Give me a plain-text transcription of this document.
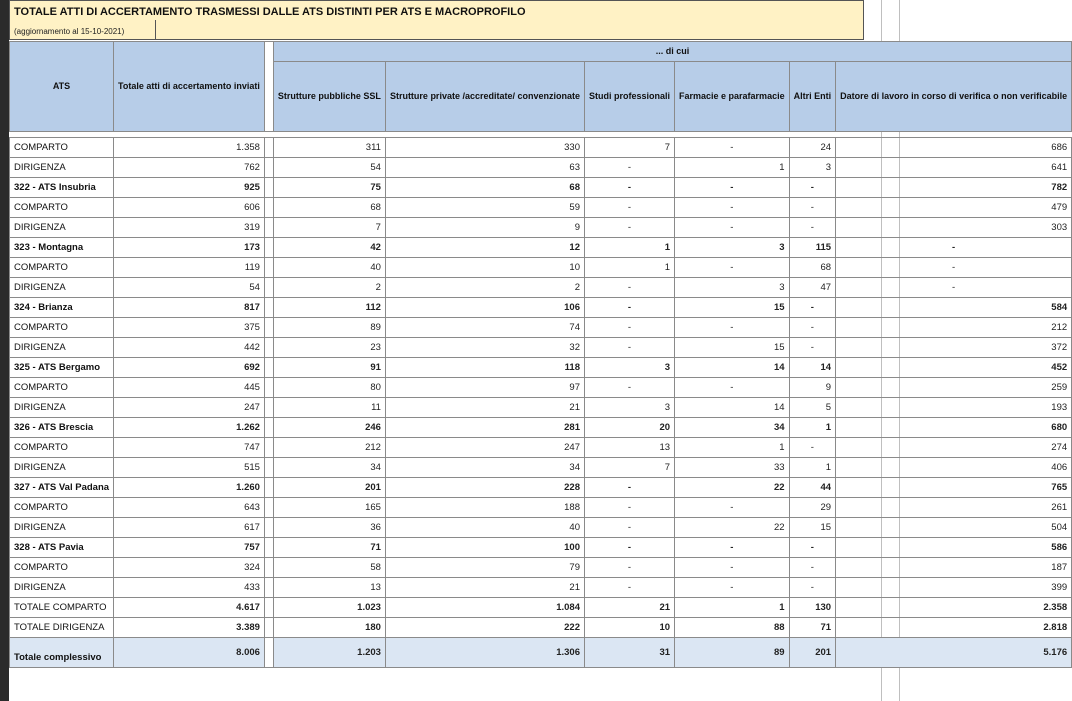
TOTALE ATTI DI ACCERTAMENTO TRASMESSI DALLE ATS DISTINTI PER ATS E MACROPROFILO
(aggiornamento al 15-10-2021)
ATS	Totale atti di accertamento inviati		... di cui					
			Strutture pubbliche SSL	Strutture private /accreditate/ convenzionate	Studi professionali	Farmacie e parafarmacie	Altri Enti	Datore di lavoro in corso di verifica o non verificabile

COMPARTO	1.358		311	330	7	-	24	686
DIRIGENZA	762		54	63	-	1	3	641
322 - ATS Insubria	925		75	68	-	-	-	782
COMPARTO	606		68	59	-	-	-	479
DIRIGENZA	319		7	9	-	-	-	303
323 - Montagna	173		42	12	1	3	115	-
COMPARTO	119		40	10	1	-	68	-
DIRIGENZA	54		2	2	-	3	47	-
324 - Brianza	817		112	106	-	15	-	584
COMPARTO	375		89	74	-	-	-	212
DIRIGENZA	442		23	32	-	15	-	372
325 - ATS Bergamo	692		91	118	3	14	14	452
COMPARTO	445		80	97	-	-	9	259
DIRIGENZA	247		11	21	3	14	5	193
326 - ATS Brescia	1.262		246	281	20	34	1	680
COMPARTO	747		212	247	13	1	-	274
DIRIGENZA	515		34	34	7	33	1	406
327 - ATS Val Padana	1.260		201	228	-	22	44	765
COMPARTO	643		165	188	-	-	29	261
DIRIGENZA	617		36	40	-	22	15	504
328 - ATS Pavia	757		71	100	-	-	-	586
COMPARTO	324		58	79	-	-	-	187
DIRIGENZA	433		13	21	-	-	-	399
TOTALE COMPARTO	4.617		1.023	1.084	21	1	130	2.358
TOTALE DIRIGENZA	3.389		180	222	10	88	71	2.818
Totale complessivo	8.006		1.203	1.306	31	89	201	5.176
